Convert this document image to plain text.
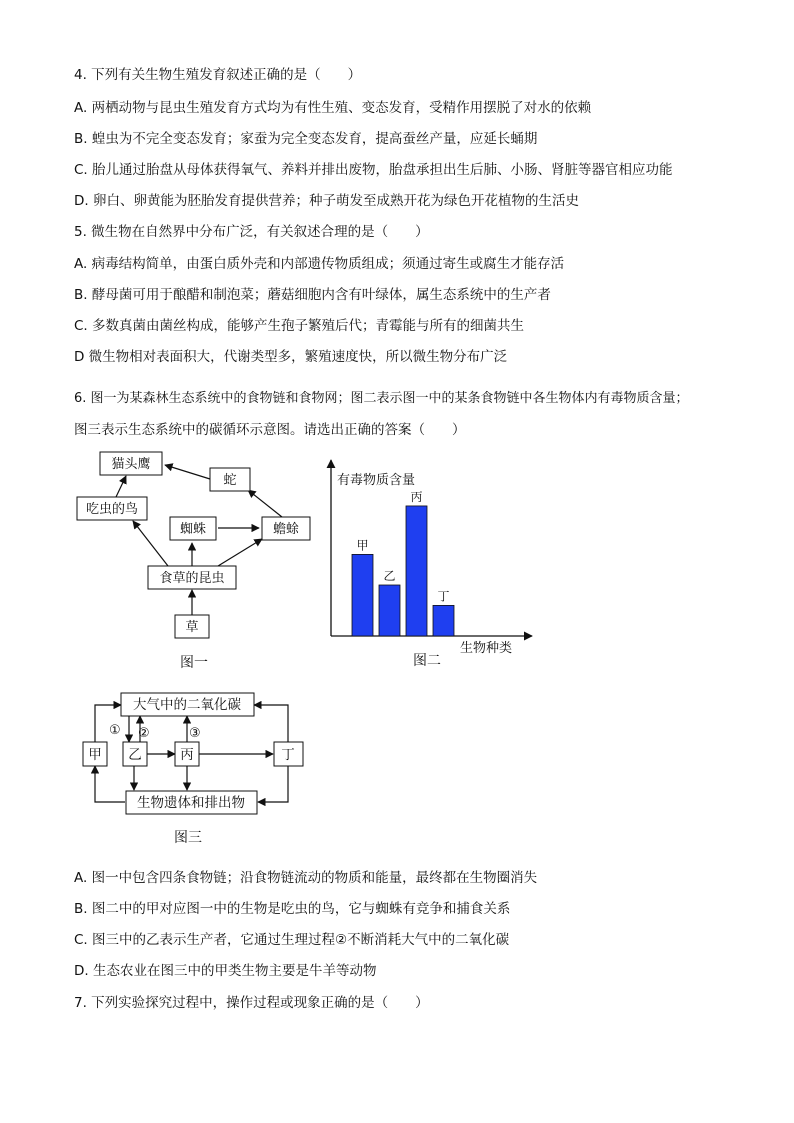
4. 下列有关生物生殖发育叙述正确的是（　　）
A. 两栖动物与昆虫生殖发育方式均为有性生殖、变态发育，受精作用摆脱了对水的依赖
B. 蝗虫为不完全变态发育；家蚕为完全变态发育，提高蚕丝产量，应延长蛹期
C. 胎儿通过胎盘从母体获得氧气、养料并排出废物，胎盘承担出生后肺、小肠、肾脏等器官相应功能
D. 卵白、卵黄能为胚胎发育提供营养；种子萌发至成熟开花为绿色开花植物的生活史
5. 微生物在自然界中分布广泛，有关叙述合理的是（　　）
A. 病毒结构简单，由蛋白质外壳和内部遗传物质组成；须通过寄生或腐生才能存活
B. 酵母菌可用于酿醋和制泡菜；蘑菇细胞内含有叶绿体，属生态系统中的生产者
C. 多数真菌由菌丝构成，能够产生孢子繁殖后代；青霉能与所有的细菌共生
D 微生物相对表面积大，代谢类型多，繁殖速度快，所以微生物分布广泛
6. 图一为某森林生态系统中的食物链和食物网；图二表示图一中的某条食物链中各生物体内有毒物质含量；
图三表示生态系统中的碳循环示意图。请选出正确的答案（　　）
猫头鹰
蛇
吃虫的鸟
蜘蛛	蟾蜍
食草的昆虫
草
图一
有毒物质含量
生物种类
甲
乙
丙
丁
图二
大气中的二氧化碳
甲 乙	丙	丁
生物遗体和排出物
① ②	③
图三
A. 图一中包含四条食物链；沿食物链流动的物质和能量，最终都在生物圈消失
B. 图二中的甲对应图一中的生物是吃虫的鸟，它与蜘蛛有竞争和捕食关系
C. 图三中的乙表示生产者，它通过生理过程②不断消耗大气中的二氧化碳
D. 生态农业在图三中的甲类生物主要是牛羊等动物
7. 下列实验探究过程中，操作过程或现象正确的是（　　）
